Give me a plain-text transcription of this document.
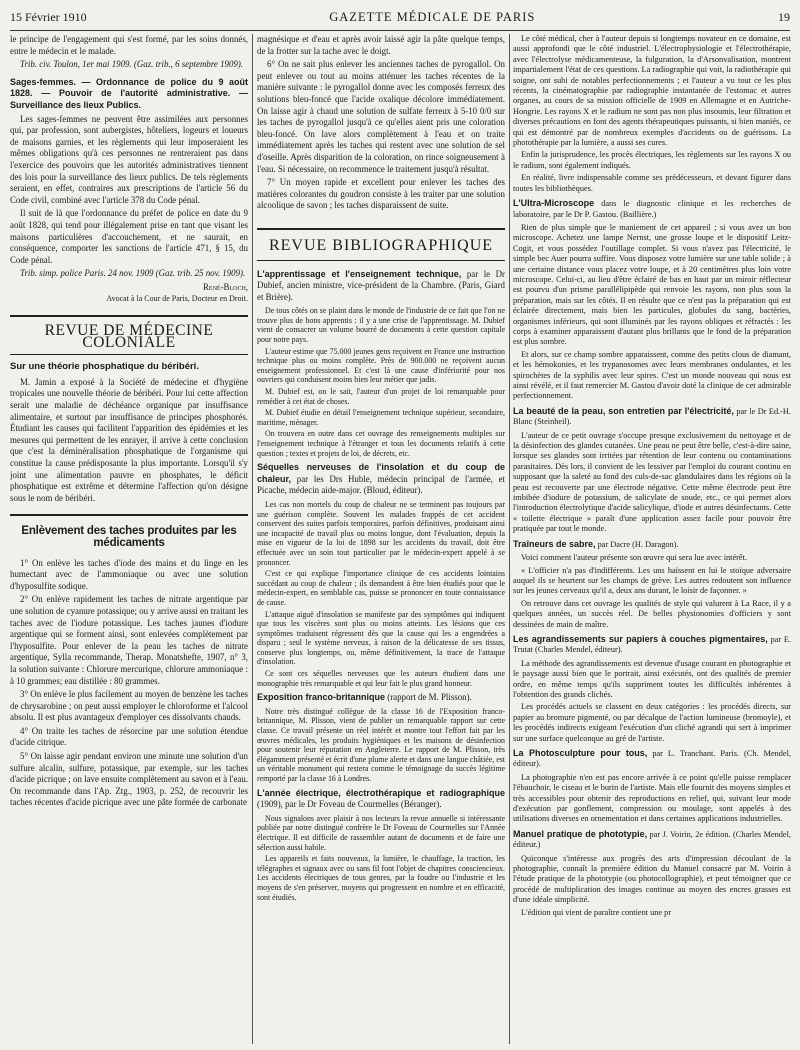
15 Février 1910	GAZETTE MÉDICALE DE PARIS	19

le principe de l'engagement qui s'est formé, par les soins donnés, entre le médecin et le malade.

Trib. civ. Toulon, 1er mai 1909. (Gaz. trib., 6 septembre 1909).

Sages-femmes. — Ordonnance de police du 9 août 1828. — Pouvoir de l'autorité administrative. — Surveillance des lieux Publics.

Les sages-femmes ne peuvent être assimilées aux personnes qui, par profession, sont aubergistes, hôteliers, logeurs et loueurs de maisons garnies, et les règlements qui leur imposeraient les mêmes obligations qu'à ces personnes ne rentreraient pas dans l'exercice des pouvoirs que les autorités administratives tiennent des lois pour la surveillance des lieux publics. De tels règlements seraient, en effet, contraires aux prescriptions de l'article 56 du Code civil, combiné avec l'article 378 du Code pénal.

Il suit de là que l'ordonnance du préfet de police en date du 9 août 1828, qui tend pour illégalement prise en tant que visant les maisons particulières d'accouchement, et ne saurait, en conséquence, comporter les sanctions de l'article 471, § 15, du Code pénal.

Trib. simp. police Paris. 24 nov. 1909 (Gaz. trib. 25 nov. 1909).

René-Bloch,

Avocat à la Cour de Paris, Docteur en Droit.

REVUE DE MÉDECINE COLONIALE
Sur une théorie phosphatique du béribéri.

M. Jamin a exposé à la Société de médecine et d'hygiène tropicales une nouvelle théorie de béribéri. Pour lui cette affection serait une maladie de déchéance organique par insuffisance alimentaire, et surtout par insuffisance de principes phosphorés. Étudiant les causes qui facilitent l'apparition des épidémies et les mesures qui permettent de les enrayer, il arrive à cette conclusion que c'est la déminéralisation phosphatique de l'organisme qui constitue la cause prédisposante la plus importante. Lorsqu'il s'y joint une alimentation pauvre en phosphates, le déficit phosphatique est extrême et détermine l'affection qu'on désigne sous le nom de béribéri.

Enlèvement des taches produites par les médicaments

1° On enlève les taches d'iode des mains et du linge en les humectant avec de l'ammoniaque ou avec une solution d'hyposulfite sodique.

2° On enlève rapidement les taches de nitrate argentique par une solution de cyanure potassique; ou y arrive aussi en traitant les taches avec de l'iodure potassique. Les taches jaunes d'iodure argentique qui se forment ainsi, sont enlevées complètement par l'hyposulfite. Pour enlever de la peau les taches de nitrate argentique, Sylla recommande, Therap. Monatshefte, 1907, n° 3, la solution suivante : Chlorure mercurique, chlorure ammoniaque : à 10 grammes; eau distillée : 80 grammes.

3° On enlève le plus facilement au moyen de benzène les taches de chrysarobine ; on peut aussi employer le chloroforme et l'alcool absolu. Il est plus avantageux d'employer ces dissolvants chauds.

4° On traite les taches de résorcine par une solution étendue d'acide citrique.

5° On laisse agir pendant environ une minute une solution d'un sulfure alcalin, sulfure, potassique, par exemple, sur les taches d'acide picrique ; on lave ensuite complètement au savon et à l'eau. On recommande dans l'Ap. Ztg., 1903, p. 252, de recouvrir les taches récentes d'acide picrique avec une pâte formée de carbonate

magnésique et d'eau et après avoir laissé agir la pâte quelque temps, de la frotter sur la tache avec le doigt.

6° On ne sait plus enlever les anciennes taches de pyrogallol. On peut enlever ou tout au moins atténuer les taches récentes de la manière suivante : le pyrogallol donne avec les composés ferreux des solutions bleu-foncé que l'acide oxalique décolore immédiatement. On laisse agir à chaud une solution de sulfate ferreux à 5-10 0/0 sur les taches de pyrogallol jusqu'à ce qu'elles aient pris une coloration bleu-foncé. On lave alors complètement à l'eau et on traite immédiatement après les taches qui restent avec une solution de sel d'oseille. Après disparition de la coloration, on rince soigneusement à l'eau. Si nécessaire, on recommence le traitement jusqu'à résultat.

7° Un moyen rapide et excellent pour enlever les taches des matières colorantes du goudron consiste à les traiter par une solution alcoolique de savon ; les taches disparaissent de suite.

REVUE BIBLIOGRAPHIQUE

L'apprentissage et l'enseignement technique, par le Dr Dubief, ancien ministre, vice-président de la Chambre. (Paris, Giard et Brière).

De tous côtés on se plaint dans le monde de l'industrie de ce fait que l'on ne trouve plus de bons apprentis : il y a une crise de l'apprentissage. M. Dubief vient de consacrer un volume bourré de documents à cette question capitale pour notre pays.

L'auteur estime que 75.000 jeunes gens reçoivent en France une instruction technique plus ou moins complète. Près de 900.000 ne reçoivent aucun enseignement professionnel. Et c'est là une cause d'infériorité pour nos ouvriers qui conduisent moins bien leur métier que jadis.

M. Dubief est, on le sait, l'auteur d'un projet de loi remarquable pour remédier à cet état de choses.

M. Dubief étudie en détail l'enseignement technique supérieur, secondaire, maritime, ménager.

On trouvera en outre dans cet ouvrage des renseignements multiples sur l'enseignement technique à l'étranger et tous les documents relatifs à cette question ; textes et projets de loi, de décrets, etc.

Séquelles nerveuses de l'insolation et du coup de chaleur, par les Drs Huble, médecin principal de l'armée, et Picache, médecin aide-major. (Bloud, éditeur).

Les cas non mortels du coup de chaleur ne se terminent pas toujours par une guérison complète. Souvent les malades frappés de cet accident conservent des suites parfois temporaires, parfois définitives, produisant ainsi une incapacité de travail plus ou moins longue, dont l'évaluation, depuis la mise en vigueur de la loi de 1898 sur les accidents du travail, doit être effectuée avec un soin tout particulier par le médecin-expert appelé à se prononcer.

C'est ce qui explique l'importance clinique de ces accidents lointains succédant au coup de chaleur ; ils demandent à être bien étudiés pour que le médecin-expert, en semblable cas, puisse se prononcer en toute connaissance de cause.

L'attaque aiguë d'insolation se manifeste par des symptômes qui indiquent que tous les viscères sont plus ou moins atteints. Les lésions que ces symptômes traduisent régressent dès que la cause qui les a engendrées a disparu ; seul le système nerveux, à raison de la délicatesse de ses tissus, conserve plus longtemps, ou, même définitivement, la trace de l'attaque d'insolation.

Ce sont ces séquelles nerveuses que les auteurs étudient dans une monographie très remarquable et qui leur fait le plus grand honneur.

Exposition franco-britannique (rapport de M. Plisson).

Notre très distingué collègue de la classe 16 de l'Exposition franco-britannique, M. Plisson, vient de publier un remarquable rapport sur cette classe. Ce travail présente un réel intérêt et montre tout l'effort fait par les œuvres médicales, les produits hygiéniques et les maisons de désinfection pour soutenir leur réputation en Angleterre. Le rapport de M. Plisson, très élégamment présenté et écrit d'une plume alerte et dans une langue châtiée, est un véritable monument qui restera comme le témoignage du succès légitime remporté par la classe 16 à Londres.

L'année électrique, électrothérapique et radiographique (1909), par le Dr Foveau de Courmelles (Béranger).

Nous signalons avec plaisir à nos lecteurs la revue annuelle si intéressante publiée par notre distingué confrère le Dr Foveau de Courmelles sur l'Année électrique. Il est difficile de rassembler autant de documents et de faire une sélection aussi habile.

Les appareils et faits nouveaux, la lumière, le chauffage, la traction, les télégraphes et signaux avec ou sans fil font l'objet de chapitres consciencieux. Les accidents électriques de tous genres, par la foudre ou l'industrie et les moyens de s'en préserver, moyens qui progressent en nombre et en efficacité, sont étudiés.

Le côté médical, cher à l'auteur depuis si longtemps novateur en ce domaine, est aussi approfondi que le côté industriel. L'électrophysiologie et l'électrothérapie, avec l'électrolyse médicamenteuse, la fulguration, la d'Arsonvalisation, montrent impartialement l'état de ces questions. La radiographie qui voit, la radiothérapie qui soigne, ont subi de notables perfectionnements ; et l'auteur a vu tout ce les plus récents, la cinématographie par radiographie instantanée de l'estomac et autres organes, au cours de sa mission officielle de 1909 en Allemagne et en Autriche-Hongrie. Les rayons X et le radium ne sont pas non plus insoumis, leur filtration et diverses précautions en font des agents thérapeutiques puissants, si bien maniés, ce qui est démontré par de nombreux exemples d'accidents ou de guérisons. La photothérapie par la lumière, a aussi ses cures.

Enfin la jurisprudence, les procès électriques, les règlements sur les rayons X ou le radium, sont également indiqués.

En réalité, livre indispensable comme ses prédécesseurs, et devant figurer dans toutes les bibliothèques.

L'Ultra-Microscope dans le diagnostic clinique et les recherches de laboratoire, par le Dr P. Gastou. (Baillière.)

Rien de plus simple que le maniement de cet appareil ; si vous avez un bon microscope. Achetez une lampe Nernst, une grosse loupe et le dispositif Leitz-Cogit, et vous possédez l'outillage complet. Si vous n'avez pas l'électricité, le simple bec Auer pourra suffire. Vous disposez votre lumière sur une table solide ; à une certaine distance vous placez votre loupe, et à 20 centimètres plus loin votre microscope. Celui-ci, au lieu d'être éclairé de bas en haut par un miroir réflecteur est pourvu d'un prisme parallélipipède qui renvoie les rayons, non plus sous la préparation, mais sur les côtés. Il en résulte que ce n'est pas la préparation qui est éclairée directement, mais bien les particules, globules du sang, bactéries, organismes inférieurs, qui sont illuminés par les rayons obliques et réfractés : les corps à examiner apparaissent d'autant plus brillants que le fond de la préparation est plus sombre.

Et alors, sur ce champ sombre apparaissent, comme des petits clous de diamant, et les hémokonies, et les trypanosomes avec leurs membranes ondulantes, et les spirochètes de la syphilis avec leur spires. C'est un monde nouveau qui nous est ainsi révélé, et il faut remercier M. Gastou d'avoir doté la clinique de cet admirable perfectionnement.

La beauté de la peau, son entretien par l'électricité, par le Dr Ed.-H. Blanc (Steinheil).

L'auteur de ce petit ouvrage s'occupe presque exclusivement du nettoyage et de la désinfection des glandes cutanées. Une peau ne peut être belle, c'est-à-dire saine, lorsque ses glandes sont irritées par rétention de leur contenu ou contaminations parasitaires. Dès lors, il convient de les lessiver par l'emploi du courant continu en supposant que la saleté au fond des culs-de-sac glandulaires dans les régions où la peau est recouverte par une électrode négative. Cette même électrode peut être imbibée d'iodure de potassium, de salicylate de soude, etc., ce qui permet alors l'introduction électrolytique d'acide salicylique, d'iode et autres désinfectants. Cette « toilette électrique » paraît d'une application assez facile pour pouvoir être pratiquée par tout le monde.

Traîneurs de sabre, par Dacre (H. Daragon).

Voici comment l'auteur présente son œuvre qui sera lue avec intérêt.

« L'officier n'a pas d'indifférents. Les uns haïssent en lui le stoïque adversaire auquel ils se heurtent sur les champs de grève. Les autres redoutent son influence sur les jeunes cerveaux qu'il a, deux ans durant, le loisir de façonner. »

On retrouve dans cet ouvrage les qualités de style qui valurent à La Race, il y a quelques années, un succès réel. De belles physionomies d'officiers y sont dessinées de main de maître.

Les agrandissements sur papiers à couches pigmentaires, par E. Trutat (Charles Mendel, éditeur).

La méthode des agrandissements est devenue d'usage courant en photographie et le paysage aussi bien que le portrait, ainsi exécutés, ont des qualités de premier ordre, en même temps qu'ils suppriment toutes les difficultés inhérentes à l'obtention des grands clichés.

Les procédés actuels se classent en deux catégories : les procédés directs, sur papier au bromure pigmenté, ou par décalque de l'action lumineuse (bromoyle), et les procédés indirects exigeant l'exécution d'un cliché agrandi qui sert à imprimer sur une surface quelconque au gré de l'artiste.

La Photosculpture pour tous, par L. Tranchant. Paris. (Ch. Mendel, éditeur).

La photographie n'en est pas encore arrivée à ce point qu'elle puisse remplacer l'ébauchoir, le ciseau et le burin de l'artiste. Mais elle fournit des moyens simples et très accessibles pour obtenir des reproductions en relief, qui, suivant leur mode d'exécution par gonflement, compression ou moulage, sont appelés à des utilisations diverses en ornementation et dans certaines applications industrielles.

Manuel pratique de phototypie, par J. Voirin, 2e édition. (Charles Mendel, éditeur.)

Quiconque s'intéresse aux progrès des arts d'impression découlant de la photographie, connaît la première édition du Manuel consacré par M. Voirin à l'étude pratique de la phototypie (ou photocollographie), et peut témoigner que ce procédé de multiplication des images continue au moyen des encres grasses est d'une idéale simplicité.

L'édition qui vient de paraître contient une pr
